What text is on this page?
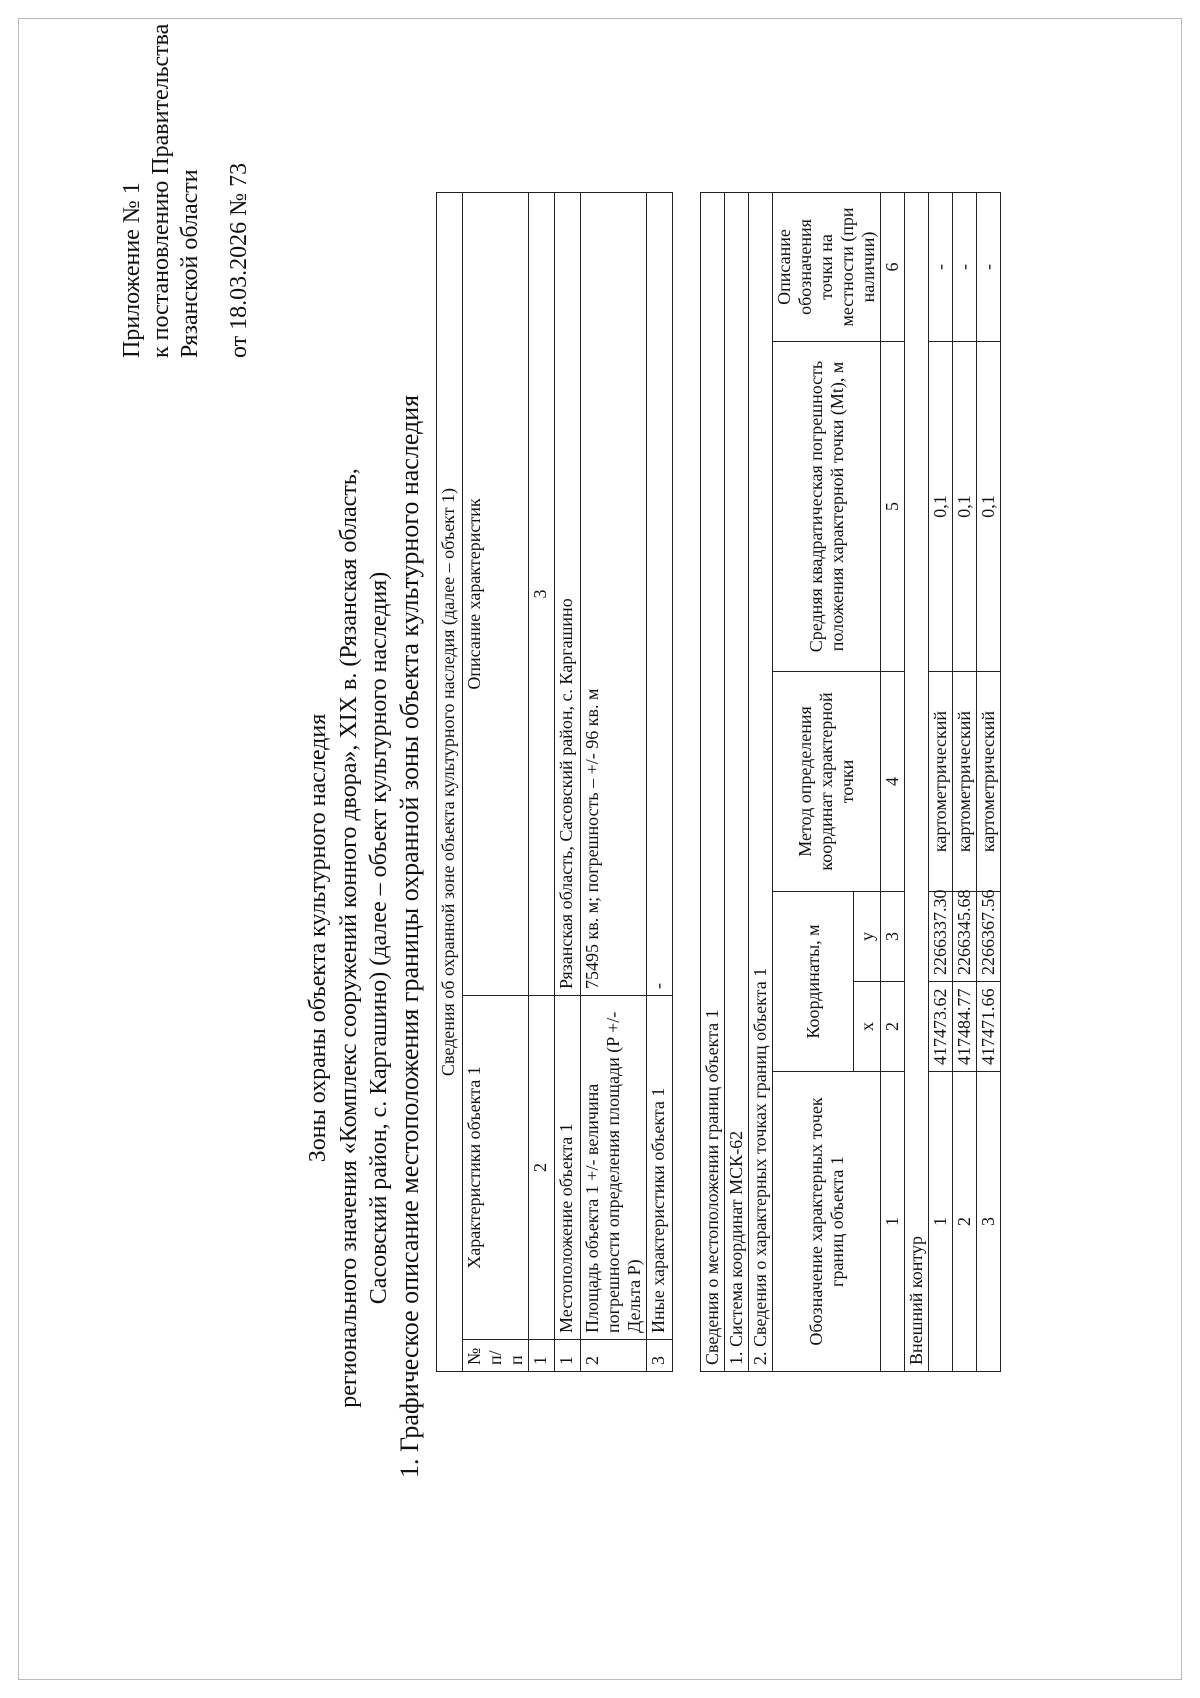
Приложение № 1 к постановлению Правительства Рязанской области от 18.03.2026 № 73
Зоны охраны объекта культурного наследия регионального значения «Комплекс сооружений конного двора», XIX в. (Рязанская область, Сасовский район, с. Каргашино) (далее – объект культурного наследия) 1. Графическое описание местоположения границы охранной зоны объекта культурного наследия Сведения об охранной зоне объекта культурного наследия (далее – объект 1)		
№ п/п	Характеристики объекта 1	Описание характеристик
1	2	3
1	Местоположение объекта 1	Рязанская область, Сасовский район, с. Каргашино
2	Площадь объекта 1 +/- величина погрешности определения площади (P +/- Дельта P)	75495 кв. м; погрешность – +/- 96 кв. м
3	Иные характеристики объекта 1	-
Сведения о местоположении границ объекта 1					
1. Система координат МСК-62					
2. Сведения о характерных точках границ объекта 1					
Обозначение характерных точек границ объекта 1	Координаты, м		Метод определения координат характерной точки	Средняя квадратическая погрешность положения характерной точки (Mt), м	Описание обозначения точки на местности (при наличии)
	x	y			
1	2	3	4	5	6
Внешний контур					
1	417473.62	2266337.30	картометрический	0,1	-
2	417484.77	2266345.68	картометрический	0,1	-
3	417471.66	2266367.56	картометрический	0,1	-
